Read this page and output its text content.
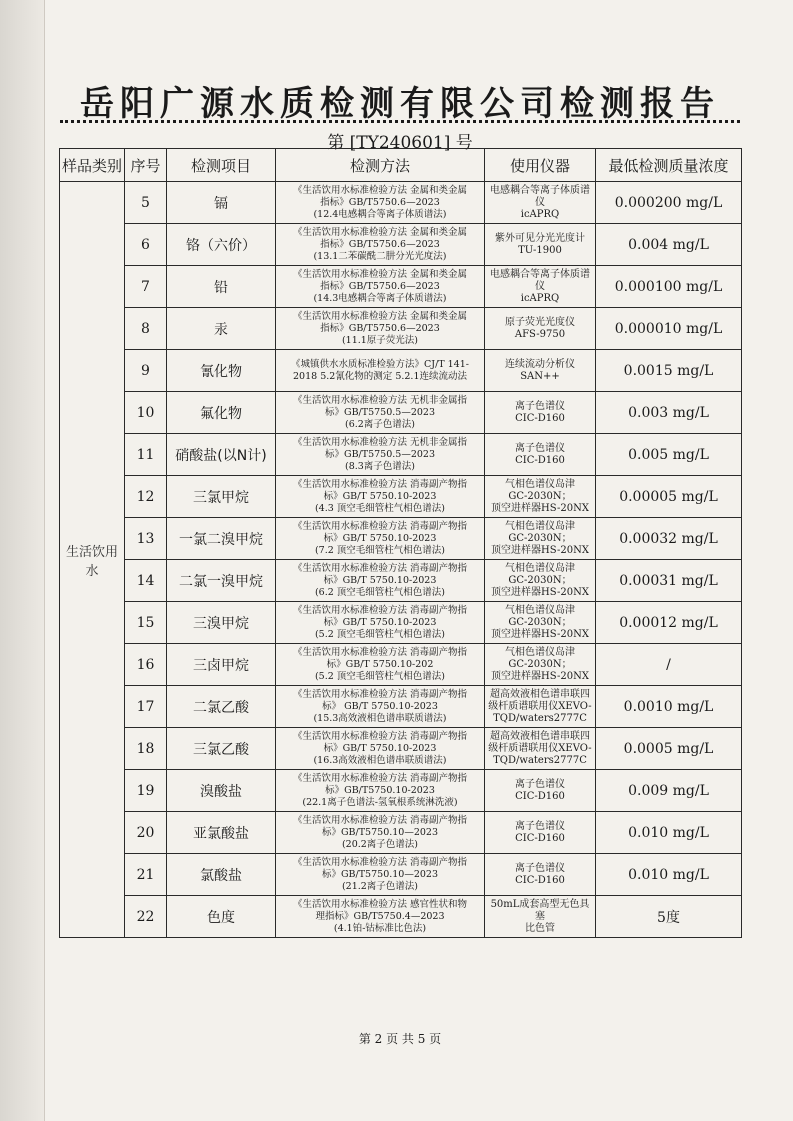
岳阳广源水质检测有限公司检测报告
第 [TY240601] 号
样品类别	序号	检测项目	检测方法	使用仪器	最低检测质量浓度
生活饮用水	5	镉	《生活饮用水标准检验方法 金属和类金属
指标》GB/T5750.6—2023
(12.4电感耦合等离子体质谱法)	电感耦合等离子体质谱
仪
icAPRQ	0.000200 mg/L
	6	铬（六价）	《生活饮用水标准检验方法 金属和类金属
指标》GB/T5750.6—2023
(13.1二苯碳酰二肼分光光度法)	紫外可见分光光度计
TU-1900	0.004 mg/L
	7	铅	《生活饮用水标准检验方法 金属和类金属
指标》GB/T5750.6—2023
(14.3电感耦合等离子体质谱法)	电感耦合等离子体质谱
仪
icAPRQ	0.000100 mg/L
	8	汞	《生活饮用水标准检验方法 金属和类金属
指标》GB/T5750.6—2023
(11.1原子荧光法)	原子荧光光度仪
AFS-9750	0.000010 mg/L
	9	氰化物	《城镇供水水质标准检验方法》CJ/T 141-
2018 5.2氰化物的测定 5.2.1连续流动法	连续流动分析仪
SAN++	0.0015 mg/L
	10	氟化物	《生活饮用水标准检验方法 无机非金属指
标》GB/T5750.5—2023
(6.2离子色谱法)	离子色谱仪
CIC-D160	0.003 mg/L
	11	硝酸盐(以N计)	《生活饮用水标准检验方法 无机非金属指
标》GB/T5750.5—2023
(8.3离子色谱法)	离子色谱仪
CIC-D160	0.005 mg/L
	12	三氯甲烷	《生活饮用水标准检验方法 消毒副产物指
标》GB/T 5750.10-2023
(4.3 顶空毛细管柱气相色谱法)	气相色谱仪岛津
GC-2030N；
顶空进样器HS-20NX	0.00005 mg/L
	13	一氯二溴甲烷	《生活饮用水标准检验方法 消毒副产物指
标》GB/T 5750.10-2023
(7.2 顶空毛细管柱气相色谱法)	气相色谱仪岛津
GC-2030N；
顶空进样器HS-20NX	0.00032 mg/L
	14	二氯一溴甲烷	《生活饮用水标准检验方法 消毒副产物指
标》GB/T 5750.10-2023
(6.2 顶空毛细管柱气相色谱法)	气相色谱仪岛津
GC-2030N；
顶空进样器HS-20NX	0.00031 mg/L
	15	三溴甲烷	《生活饮用水标准检验方法 消毒副产物指
标》GB/T 5750.10-2023
(5.2 顶空毛细管柱气相色谱法)	气相色谱仪岛津
GC-2030N；
顶空进样器HS-20NX	0.00012 mg/L
	16	三卤甲烷	《生活饮用水标准检验方法 消毒副产物指
标》GB/T 5750.10-202
(5.2 顶空毛细管柱气相色谱法)	气相色谱仪岛津
GC-2030N；
顶空进样器HS-20NX	/
	17	二氯乙酸	《生活饮用水标准检验方法 消毒副产物指
标》 GB/T 5750.10-2023
(15.3高效液相色谱串联质谱法)	超高效液相色谱串联四
级杆质谱联用仪XEVO-
TQD/waters2777C	0.0010 mg/L
	18	三氯乙酸	《生活饮用水标准检验方法 消毒副产物指
标》GB/T 5750.10-2023
(16.3高效液相色谱串联质谱法)	超高效液相色谱串联四
级杆质谱联用仪XEVO-
TQD/waters2777C	0.0005 mg/L
	19	溴酸盐	《生活饮用水标准检验方法 消毒副产物指
标》GB/T5750.10-2023
(22.1离子色谱法-氢氧根系统淋洗液)	离子色谱仪
CIC-D160	0.009 mg/L
	20	亚氯酸盐	《生活饮用水标准检验方法 消毒副产物指
标》GB/T5750.10—2023
(20.2离子色谱法)	离子色谱仪
CIC-D160	0.010 mg/L
	21	氯酸盐	《生活饮用水标准检验方法 消毒副产物指
标》GB/T5750.10—2023
(21.2离子色谱法)	离子色谱仪
CIC-D160	0.010 mg/L
	22	色度	《生活饮用水标准检验方法 感官性状和物
理指标》GB/T5750.4—2023
(4.1铂-钴标准比色法)	50mL成套高型无色具塞
比色管	5度
第 2 页 共 5 页
